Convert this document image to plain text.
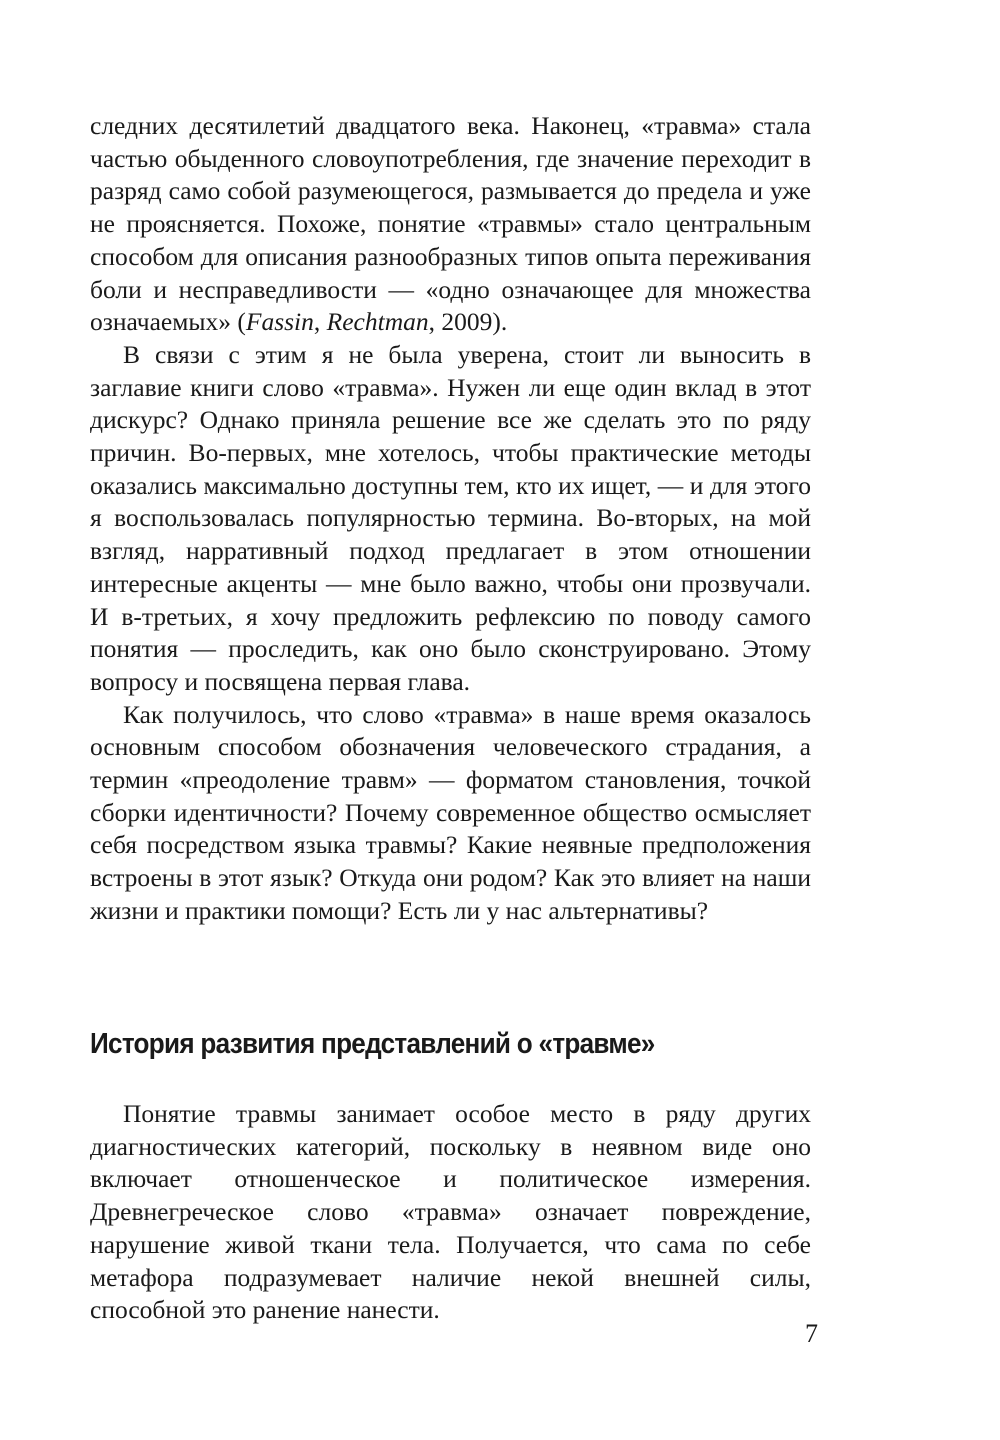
следних десятилетий двадцатого века. Наконец, «травма» стала частью обыденного словоупотребления, где значение переходит в разряд само собой разумеющегося, размывается до предела и уже не проясняется. Похоже, понятие «травмы» стало центральным способом для описания разнообразных типов опыта переживания боли и несправедливости — «одно означающее для множества означаемых» (Fassin, Rechtman, 2009).

В связи с этим я не была уверена, стоит ли выносить в заглавие книги слово «травма». Нужен ли еще один вклад в этот дискурс? Однако приняла решение все же сделать это по ряду причин. Во-первых, мне хотелось, чтобы практические методы оказались максимально доступны тем, кто их ищет, — и для этого я воспользовалась популярностью термина. Во-вторых, на мой взгляд, нарративный подход предлагает в этом отношении интересные акценты — мне было важно, чтобы они прозвучали. И в-третьих, я хочу предложить рефлексию по поводу самого понятия — проследить, как оно было сконструировано. Этому вопросу и посвящена первая глава.

Как получилось, что слово «травма» в наше время оказалось основным способом обозначения человеческого страдания, а термин «преодоление травм» — форматом становления, точкой сборки идентичности? Почему современное общество осмысляет себя посредством языка травмы? Какие неявные предположения встроены в этот язык? Откуда они родом? Как это влияет на наши жизни и практики помощи? Есть ли у нас альтернативы?

История развития представлений о «травме»

Понятие травмы занимает особое место в ряду других диагностических категорий, поскольку в неявном виде оно включает отношенческое и политическое измерения. Древнегреческое слово «травма» означает повреждение, нарушение живой ткани тела. Получается, что сама по себе метафора подразумевает наличие некой внешней силы, способной это ранение нанести.

7
